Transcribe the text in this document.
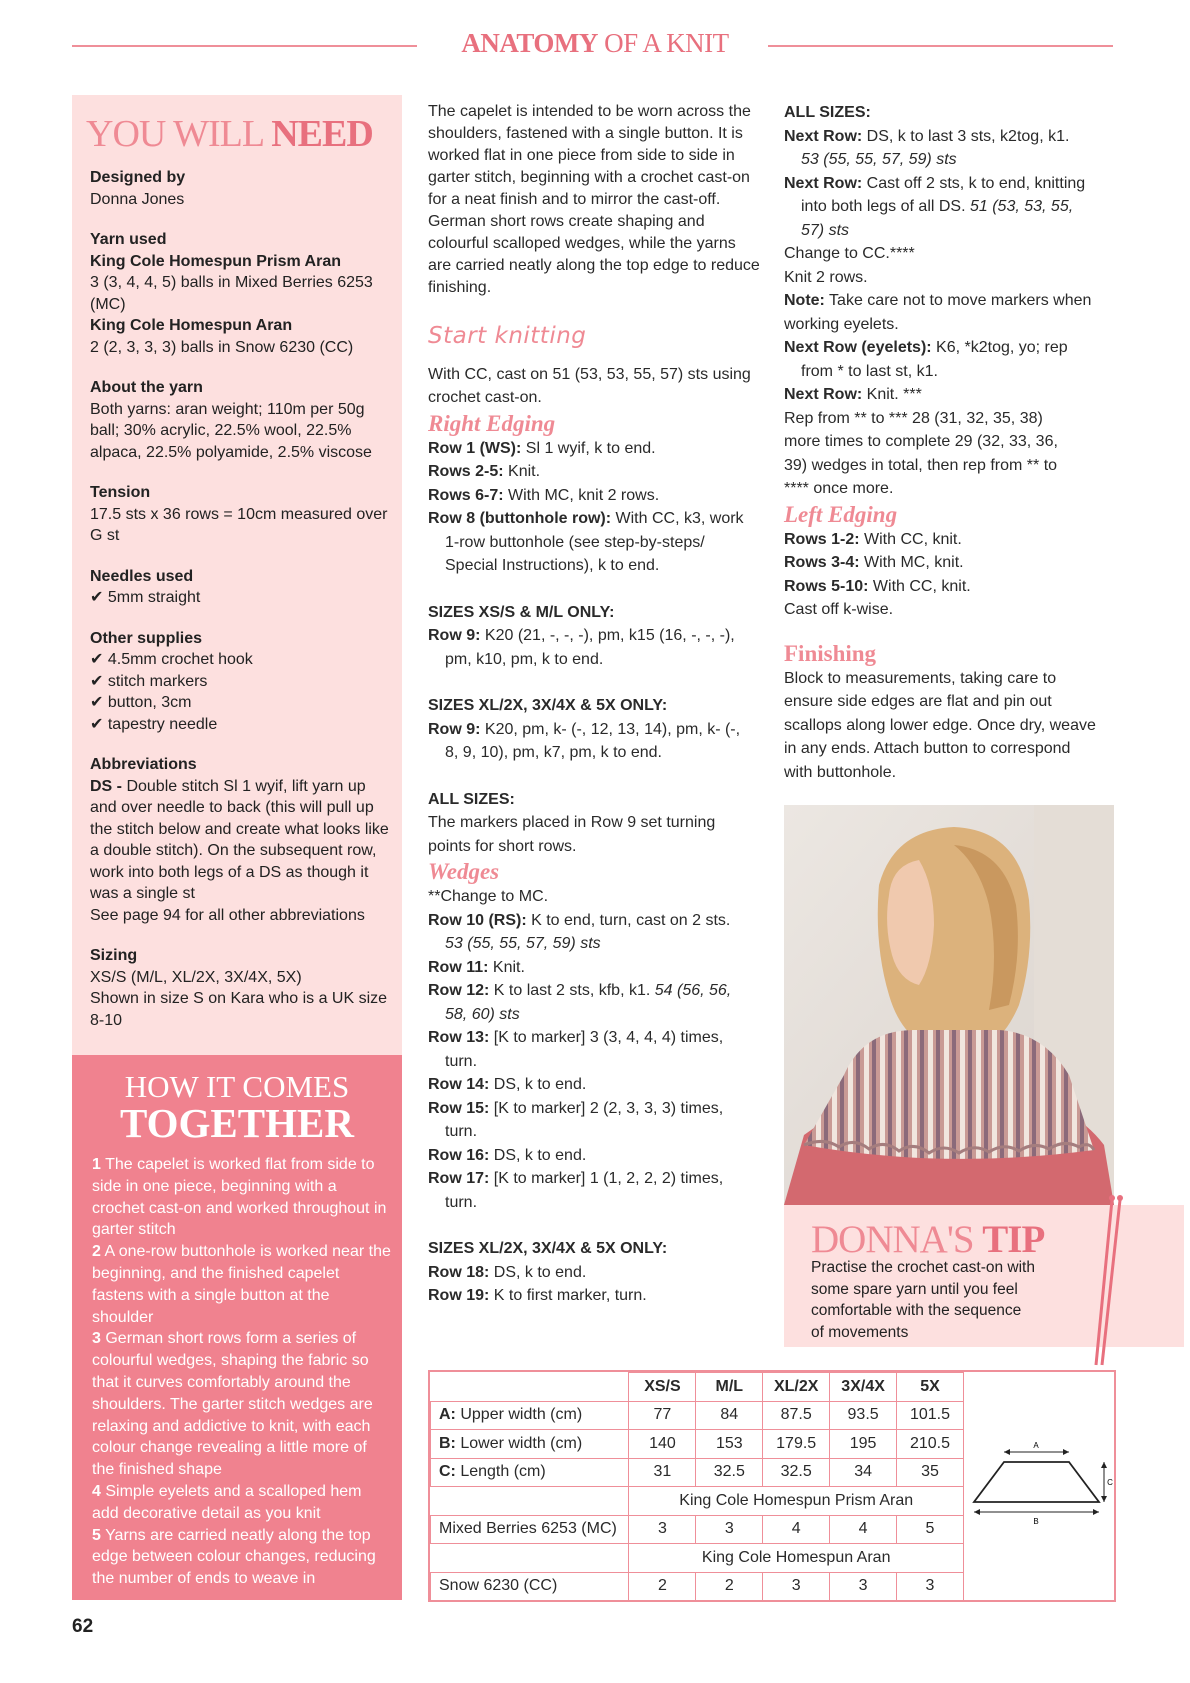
ANATOMY OF A KNIT
YOU WILL NEED
Designed by
Donna Jones
Yarn used
King Cole Homespun Prism Aran
3 (3, 4, 4, 5) balls in Mixed Berries 6253 (MC)
King Cole Homespun Aran
2 (2, 3, 3, 3) balls in Snow 6230 (CC)
About the yarn
Both yarns: aran weight; 110m per 50g ball; 30% acrylic, 22.5% wool, 22.5% alpaca, 22.5% polyamide, 2.5% viscose
Tension
17.5 sts x 36 rows = 10cm measured over G st
Needles used
✔ 5mm straight
Other supplies
✔ 4.5mm crochet hook
✔ stitch markers
✔ button, 3cm
✔ tapestry needle
Abbreviations
DS - Double stitch Sl 1 wyif, lift yarn up and over needle to back (this will pull up the stitch below and create what looks like a double stitch). On the subsequent row, work into both legs of a DS as though it was a single st
See page 94 for all other abbreviations
Sizing
XS/S (M/L, XL/2X, 3X/4X, 5X)
Shown in size S on Kara who is a UK size 8-10
HOW IT COMES
TOGETHER
1 The capelet is worked flat from side to side in one piece, beginning with a crochet cast-on and worked throughout in garter stitch
2 A one-row buttonhole is worked near the beginning, and the finished capelet fastens with a single button at the shoulder
3 German short rows form a series of colourful wedges, shaping the fabric so that it curves comfortably around the shoulders. The garter stitch wedges are relaxing and addictive to knit, with each colour change revealing a little more of the finished shape
4 Simple eyelets and a scalloped hem add decorative detail as you knit
5 Yarns are carried neatly along the top edge between colour changes, reducing the number of ends to weave in

The capelet is intended to be worn across the shoulders, fastened with a single button. It is worked flat in one piece from side to side in garter stitch, beginning with a crochet cast-on for a neat finish and to mirror the cast-off. German short rows create shaping and colourful scalloped wedges, while the yarns are carried neatly along the top edge to reduce finishing.

Start knitting

With CC, cast on 51 (53, 53, 55, 57) sts using crochet cast-on.

Right Edging

Row 1 (WS): Sl 1 wyif, k to end.

Rows 2-5: Knit.

Rows 6-7: With MC, knit 2 rows.

Row 8 (buttonhole row): With CC, k3, work

1-row buttonhole (see step-by-steps/

Special Instructions), k to end.

SIZES XS/S & M/L ONLY:

Row 9: K20 (21, -, -, -), pm, k15 (16, -, -, -),

pm, k10, pm, k to end.

SIZES XL/2X, 3X/4X & 5X ONLY:

Row 9: K20, pm, k- (-, 12, 13, 14), pm, k- (-,

8, 9, 10), pm, k7, pm, k to end.

ALL SIZES:

The markers placed in Row 9 set turning

points for short rows.

Wedges

**Change to MC.

Row 10 (RS): K to end, turn, cast on 2 sts.

53 (55, 55, 57, 59) sts

Row 11: Knit.

Row 12: K to last 2 sts, kfb, k1. 54 (56, 56,

58, 60) sts

Row 13: [K to marker] 3 (3, 4, 4, 4) times,

turn.

Row 14: DS, k to end.

Row 15: [K to marker] 2 (2, 3, 3, 3) times,

turn.

Row 16: DS, k to end.

Row 17: [K to marker] 1 (1, 2, 2, 2) times,

turn.

SIZES XL/2X, 3X/4X & 5X ONLY:

Row 18: DS, k to end.

Row 19: K to first marker, turn.

ALL SIZES:

Next Row: DS, k to last 3 sts, k2tog, k1.

53 (55, 55, 57, 59) sts

Next Row: Cast off 2 sts, k to end, knitting

into both legs of all DS. 51 (53, 53, 55,

57) sts

Change to CC.****

Knit 2 rows.

Note: Take care not to move markers when

working eyelets.

Next Row (eyelets): K6, *k2tog, yo; rep

from * to last st, k1.

Next Row: Knit. ***

Rep from ** to *** 28 (31, 32, 35, 38)

more times to complete 29 (32, 33, 36,

39) wedges in total, then rep from ** to

**** once more.

Left Edging

Rows 1-2: With CC, knit.

Rows 3-4: With MC, knit.

Rows 5-10: With CC, knit.

Cast off k-wise.

Finishing

Block to measurements, taking care to

ensure side edges are flat and pin out

scallops along lower edge. Once dry, weave

in any ends. Attach button to correspond

with buttonhole.

DONNA'S TIP
Practise the crochet cast-on with
some spare yarn until you feel
comfortable with the sequence
of movements
	XS/S	M/L	XL/2X	3X/4X	5X	A
B
C

A: Upper width (cm)	77	84	87.5	93.5	101.5	
B: Lower width (cm)	140	153	179.5	195	210.5	
C: Length (cm)	31	32.5	32.5	34	35	
	King Cole Homespun Prism Aran					
Mixed Berries 6253 (MC)	3	3	4	4	5	
	King Cole Homespun Aran					
Snow 6230 (CC)	2	2	3	3	3	
62
